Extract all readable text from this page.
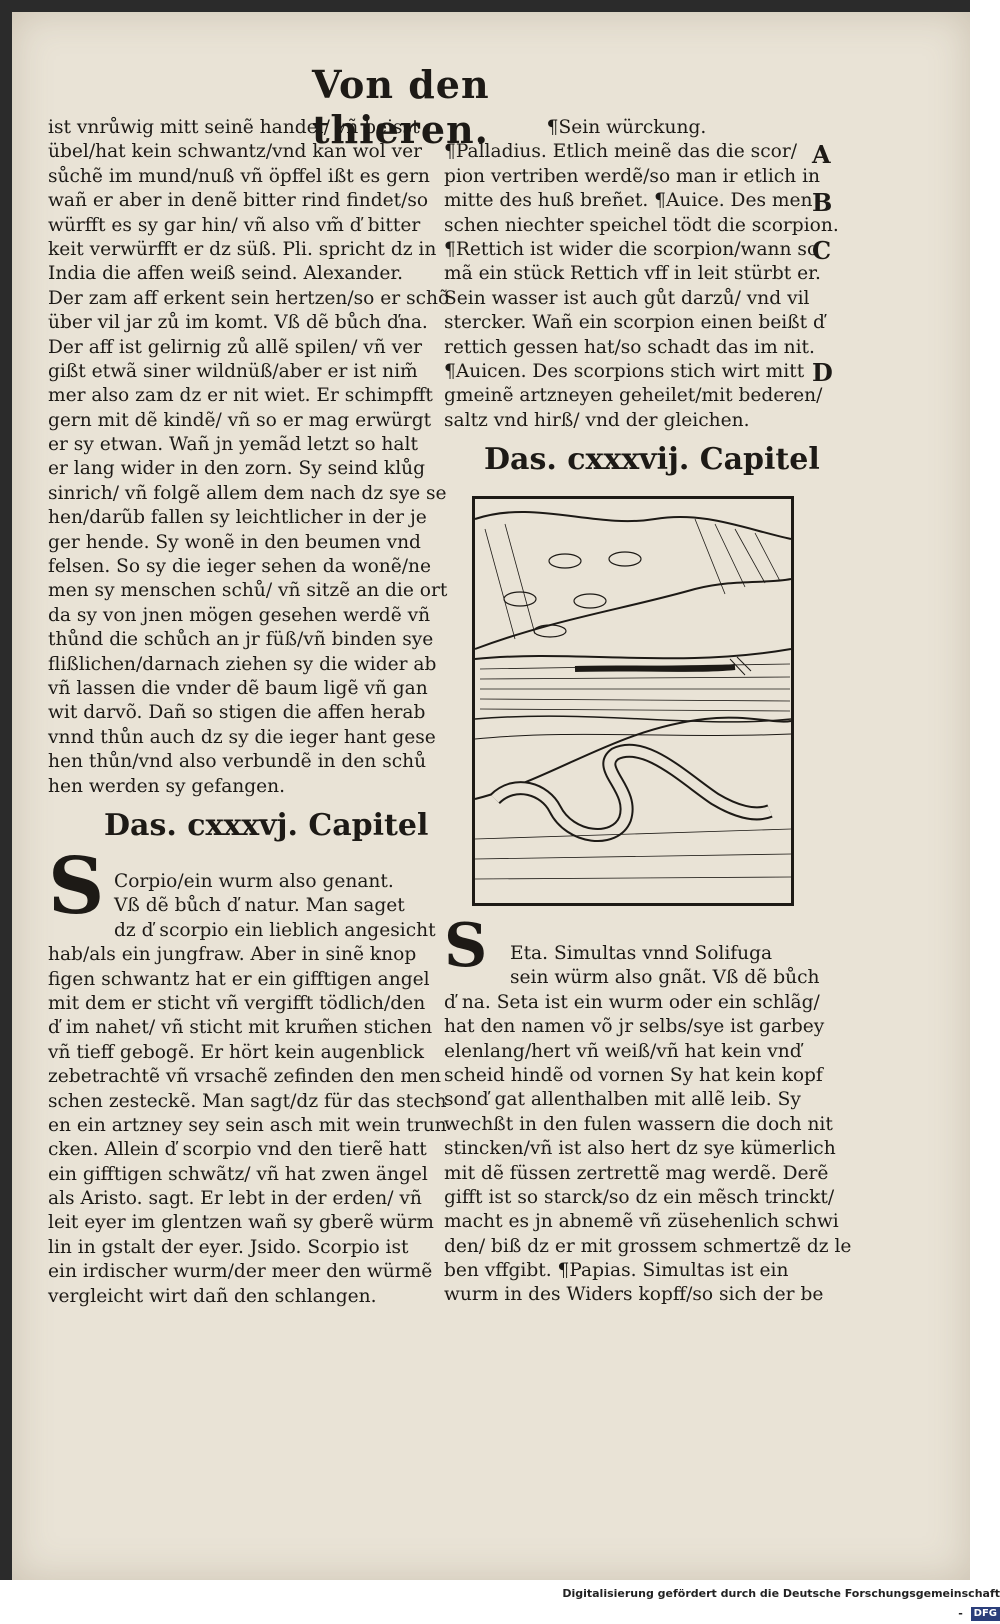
Von den thieren.
ist vnrůwig mitt seinẽ handel/ vñ beisst
übel/hat kein schwantz/vnd kan wol ver
sůchẽ im mund/nuß vñ öpffel ißt es gern
wañ er aber in denẽ bitter rind findet/so
würfft es sy gar hin/ vñ also vm̃ ď bitter
keit verwürfft er dz süß. Pli. spricht dz in
India die affen weiß seind. Alexander.
Der zam aff erkent sein hertzen/so er schõ
über vil jar zů im komt. Vß dẽ bůch ďna.
Der aff ist gelirnig zů allẽ spilen/ vñ ver
gißt etwã siner wildnüß/aber er ist nim̃
mer also zam dz er nit wiet. Er schimpfft
gern mit dẽ kindẽ/ vñ so er mag erwürgt
er sy etwan. Wañ jn yemãd letzt so halt
er lang wider in den zorn. Sy seind klůg
sinrich/ vñ folgẽ allem dem nach dz sye se
hen/darũb fallen sy leichtlicher in der je
ger hende. Sy wonẽ in den beumen vnd
felsen. So sy die ieger sehen da wonẽ/ne
men sy menschen schů/ vñ sitzẽ an die ort
da sy von jnen mögen gesehen werdẽ vñ
thůnd die schůch an jr füß/vñ binden sye
flißlichen/darnach ziehen sy die wider ab
vñ lassen die vnder dẽ baum ligẽ vñ gan
wit darvõ. Dañ so stigen die affen herab
vnnd thůn auch dz sy die ieger hant gese
hen thůn/vnd also verbundẽ in den schů
hen werden sy gefangen.
Das. cxxxvj. Capitel
S Corpio/ein wurm also genant.
Vß dẽ bůch ď natur. Man saget
dz ď scorpio ein lieblich angesicht
hab/als ein jungfraw. Aber in sinẽ knop
figen schwantz hat er ein gifftigen angel
mit dem er sticht vñ vergifft tödlich/den
ď im nahet/ vñ sticht mit krum̃en stichen
vñ tieff gebogẽ. Er hört kein augenblick
zebetrachtẽ vñ vrsachẽ zefinden den men
schen zesteckẽ. Man sagt/dz für das stech
en ein artzney sey sein asch mit wein trun
cken. Allein ď scorpio vnd den tierẽ hatt
ein gifftigen schwãtz/ vñ hat zwen ängel
als Aristo. sagt. Er lebt in der erden/ vñ
leit eyer im glentzen wañ sy gberẽ würm
lin in gstalt der eyer. Jsido. Scorpio ist
ein irdischer wurm/der meer den würmẽ
vergleicht wirt dañ den schlangen.
¶Sein würckung.
¶Palladius. Etlich meinẽ das die scor/
pion vertriben werdẽ/so man ir etlich in
mitte des huß breñet. ¶Auice. Des men
schen niechter speichel tödt die scorpion.
¶Rettich ist wider die scorpion/wann so
mã ein stück Rettich vff in leit stürbt er.
Sein wasser ist auch gůt darzů/ vnd vil
stercker. Wañ ein scorpion einen beißt ď
rettich gessen hat/so schadt das im nit.
¶Auicen. Des scorpions stich wirt mitt
gmeinẽ artzneyen geheilet/mit bederen/
saltz vnd hirß/ vnd der gleichen.
A
B
C
D
Das. cxxxvij. Capitel
S	Eta. Simultas vnnd Solifuga
sein würm also gnãt. Vß dẽ bůch
ď na. Seta ist ein wurm oder ein schlãg/
hat den namen võ jr selbs/sye ist garbey
elenlang/hert vñ weiß/vñ hat kein vnď
scheid hindẽ od vornen Sy hat kein kopf
sonď gat allenthalben mit allẽ leib. Sy
wechßt in den fulen wassern die doch nit
stincken/vñ ist also hert dz sye kümerlich
mit dẽ füssen zertrettẽ mag werdẽ. Derẽ
gifft ist so starck/so dz ein mẽsch trinckt/
macht es jn abnemẽ vñ züsehenlich schwi
den/ biß dz er mit grossem schmertzẽ dz le
ben vffgibt. ¶Papias. Simultas ist ein
wurm in des Widers kopff/so sich der be
Digitalisierung gefördert durch die Deutsche Forschungsgemeinschaft - DFG
